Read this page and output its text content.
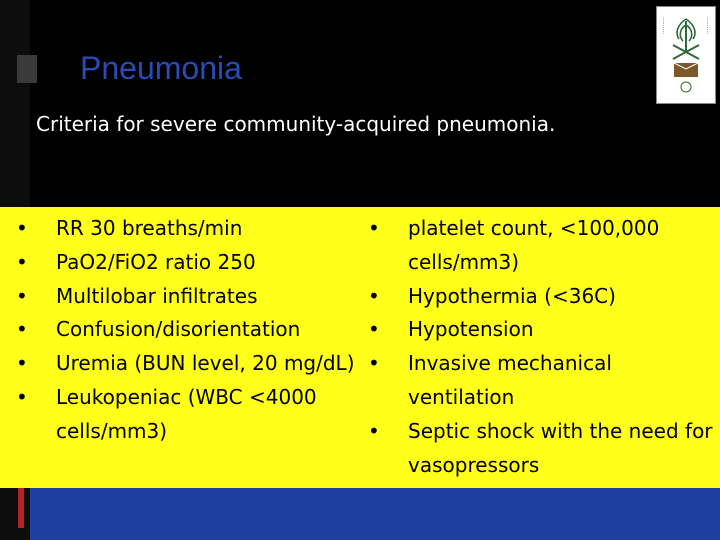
Pneumonia
.........	.........
Criteria for severe community-acquired pneumonia.
•	RR 30 breaths/min
•	PaO2/FiO2 ratio 250
•	Multilobar infiltrates
•	Confusion/disorientation
•	Uremia (BUN level, 20 mg/dL)
•	Leukopeniac (WBC <4000 cells/mm3)
•	platelet count, <100,000 cells/mm3)
•	Hypothermia (<36C)
•	Hypotension
•	Invasive mechanical ventilation
•	Septic shock with the need for vasopressors
